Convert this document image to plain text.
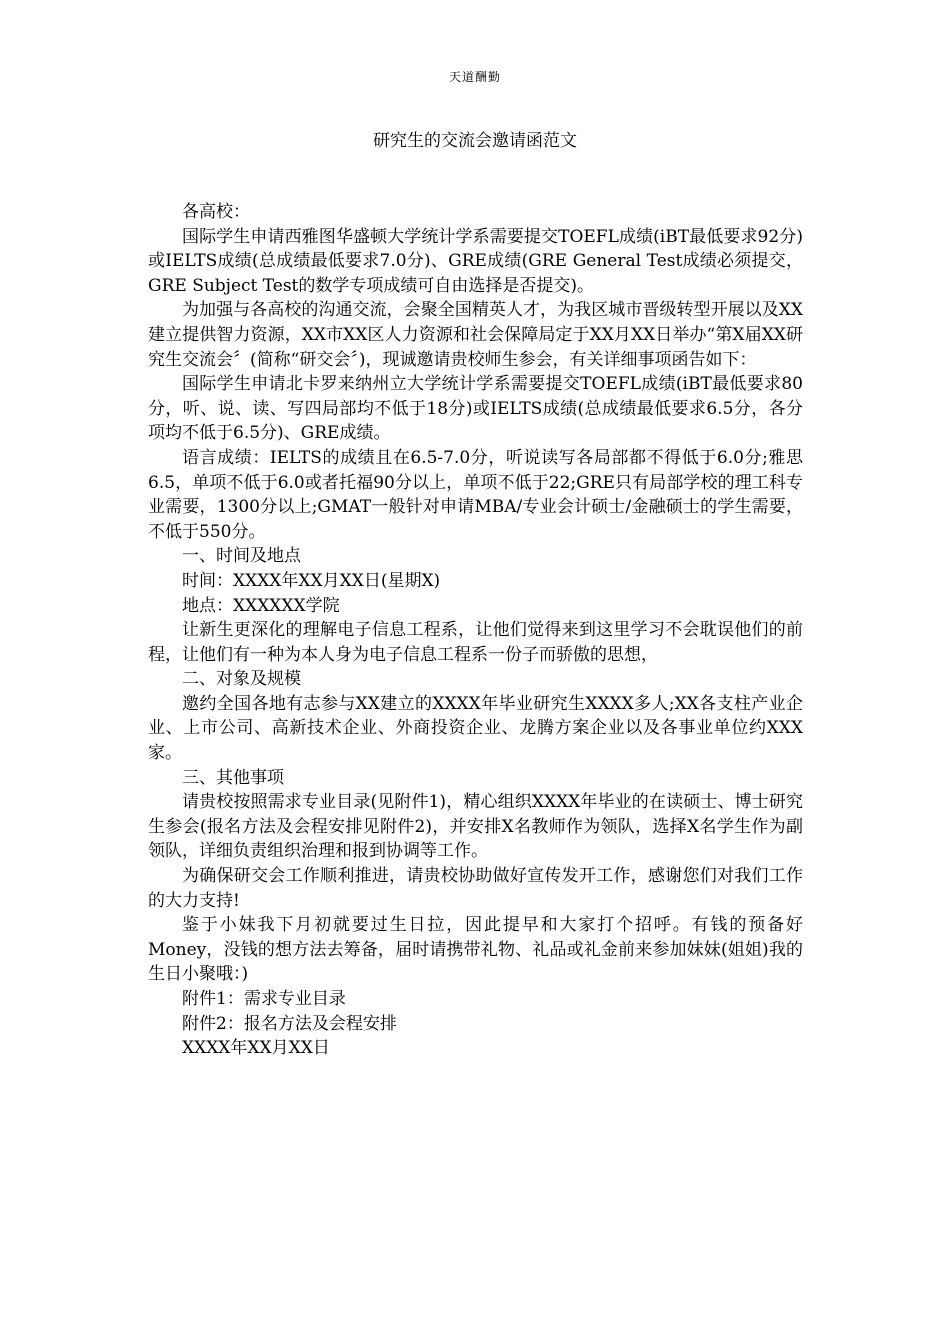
天道酬勤
研究生的交流会邀请函范文

各高校：

国际学生申请西雅图华盛顿大学统计学系需要提交TOEFL成绩(iBT最低要求92分)或IELTS成绩(总成绩最低要求7.0分)、GRE成绩(GRE General Test成绩必须提交，GRE Subject Test的数学专项成绩可自由选择是否提交)。

为加强与各高校的沟通交流，会聚全国精英人才，为我区城市晋级转型开展以及XX建立提供智力资源，XX市XX区人力资源和社会保障局定于XX月XX日举办“第X届XX研究生交流会〞(简称“研交会〞)，现诚邀请贵校师生参会，有关详细事项函告如下：

国际学生申请北卡罗来纳州立大学统计学系需要提交TOEFL成绩(iBT最低要求80分，听、说、读、写四局部均不低于18分)或IELTS成绩(总成绩最低要求6.5分，各分项均不低于6.5分)、GRE成绩。

语言成绩：IELTS的成绩且在6.5-7.0分，听说读写各局部都不得低于6.0分;雅思6.5，单项不低于6.0或者托福90分以上，单项不低于22;GRE只有局部学校的理工科专业需要，1300分以上;GMAT一般针对申请MBA/专业会计硕士/金融硕士的学生需要，不低于550分。

一、时间及地点

时间：XXXX年XX月XX日(星期X)

地点：XXXXXX学院

让新生更深化的理解电子信息工程系，让他们觉得来到这里学习不会耽误他们的前程，让他们有一种为本人身为电子信息工程系一份子而骄傲的思想，

二、对象及规模

邀约全国各地有志参与XX建立的XXXX年毕业研究生XXXX多人;XX各支柱产业企业、上市公司、高新技术企业、外商投资企业、龙腾方案企业以及各事业单位约XXX家。

三、其他事项

请贵校按照需求专业目录(见附件1)，精心组织XXXX年毕业的在读硕士、博士研究生参会(报名方法及会程安排见附件2)，并安排X名教师作为领队，选择X名学生作为副领队，详细负责组织治理和报到协调等工作。

为确保研交会工作顺利推进，请贵校协助做好宣传发开工作，感谢您们对我们工作的大力支持!

鉴于小妹我下月初就要过生日拉，因此提早和大家打个招呼。有钱的预备好Money，没钱的想方法去筹备，届时请携带礼物、礼品或礼金前来参加妹妹(姐姐)我的生日小聚哦：)

附件1：需求专业目录

附件2：报名方法及会程安排

XXXX年XX月XX日
